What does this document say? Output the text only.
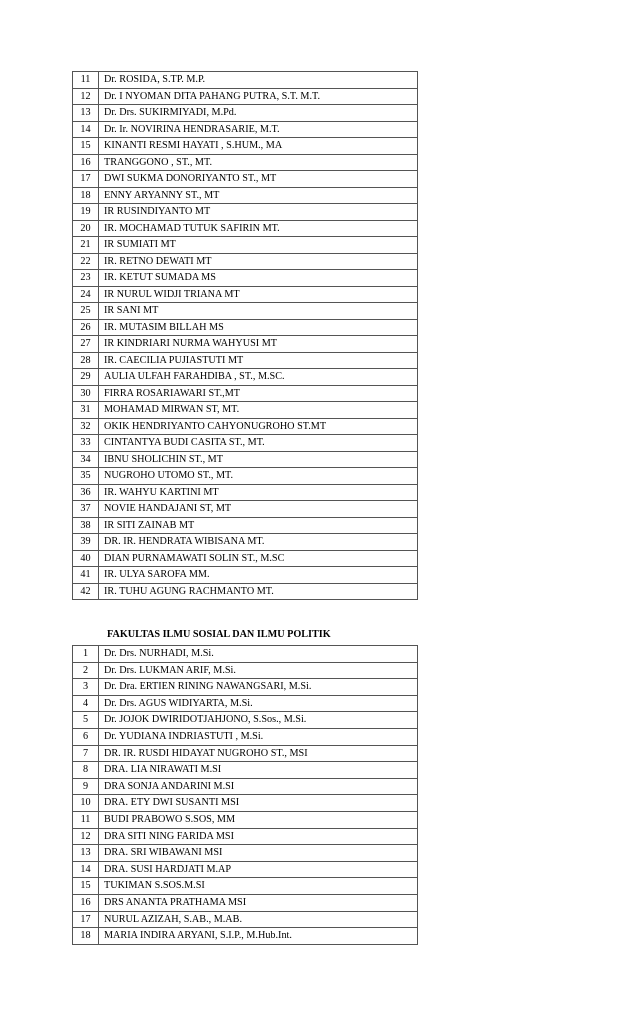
11	Dr. ROSIDA, S.TP. M.P.
12	Dr. I NYOMAN DITA PAHANG PUTRA, S.T. M.T.
13	Dr. Drs. SUKIRMIYADI, M.Pd.
14	Dr. Ir. NOVIRINA HENDRASARIE, M.T.
15	KINANTI RESMI HAYATI , S.HUM., MA
16	TRANGGONO , ST., MT.
17	DWI SUKMA DONORIYANTO ST., MT
18	ENNY ARYANNY ST., MT
19	IR RUSINDIYANTO MT
20	IR. MOCHAMAD TUTUK SAFIRIN MT.
21	IR SUMIATI MT
22	IR. RETNO DEWATI MT
23	IR. KETUT SUMADA MS
24	IR NURUL WIDJI TRIANA MT
25	IR SANI MT
26	IR. MUTASIM BILLAH MS
27	IR KINDRIARI NURMA WAHYUSI MT
28	IR. CAECILIA PUJIASTUTI MT
29	AULIA ULFAH FARAHDIBA , ST., M.SC.
30	FIRRA ROSARIAWARI ST.,MT
31	MOHAMAD MIRWAN ST, MT.
32	OKIK HENDRIYANTO CAHYONUGROHO ST.MT
33	CINTANTYA BUDI CASITA ST., MT.
34	IBNU SHOLICHIN ST., MT
35	NUGROHO UTOMO ST., MT.
36	IR. WAHYU KARTINI MT
37	NOVIE HANDAJANI ST, MT
38	IR SITI ZAINAB MT
39	DR. IR. HENDRATA WIBISANA MT.
40	DIAN PURNAMAWATI SOLIN ST., M.SC
41	IR. ULYA SAROFA MM.
42	IR. TUHU AGUNG RACHMANTO MT.
FAKULTAS ILMU SOSIAL DAN ILMU POLITIK
1	Dr. Drs. NURHADI, M.Si.
2	Dr. Drs. LUKMAN ARIF, M.Si.
3	Dr. Dra. ERTIEN RINING NAWANGSARI, M.Si.
4	Dr. Drs. AGUS WIDIYARTA, M.Si.
5	Dr. JOJOK DWIRIDOTJAHJONO, S.Sos., M.Si.
6	Dr. YUDIANA INDRIASTUTI , M.Si.
7	DR. IR. RUSDI HIDAYAT NUGROHO ST., MSI
8	DRA. LIA NIRAWATI M.SI
9	DRA SONJA ANDARINI M.SI
10	DRA. ETY DWI SUSANTI MSI
11	BUDI PRABOWO S.SOS, MM
12	DRA SITI NING FARIDA MSI
13	DRA. SRI WIBAWANI MSI
14	DRA. SUSI HARDJATI M.AP
15	TUKIMAN S.SOS.M.SI
16	DRS ANANTA PRATHAMA MSI
17	NURUL AZIZAH, S.AB., M.AB.
18	MARIA INDIRA ARYANI, S.I.P., M.Hub.Int.
